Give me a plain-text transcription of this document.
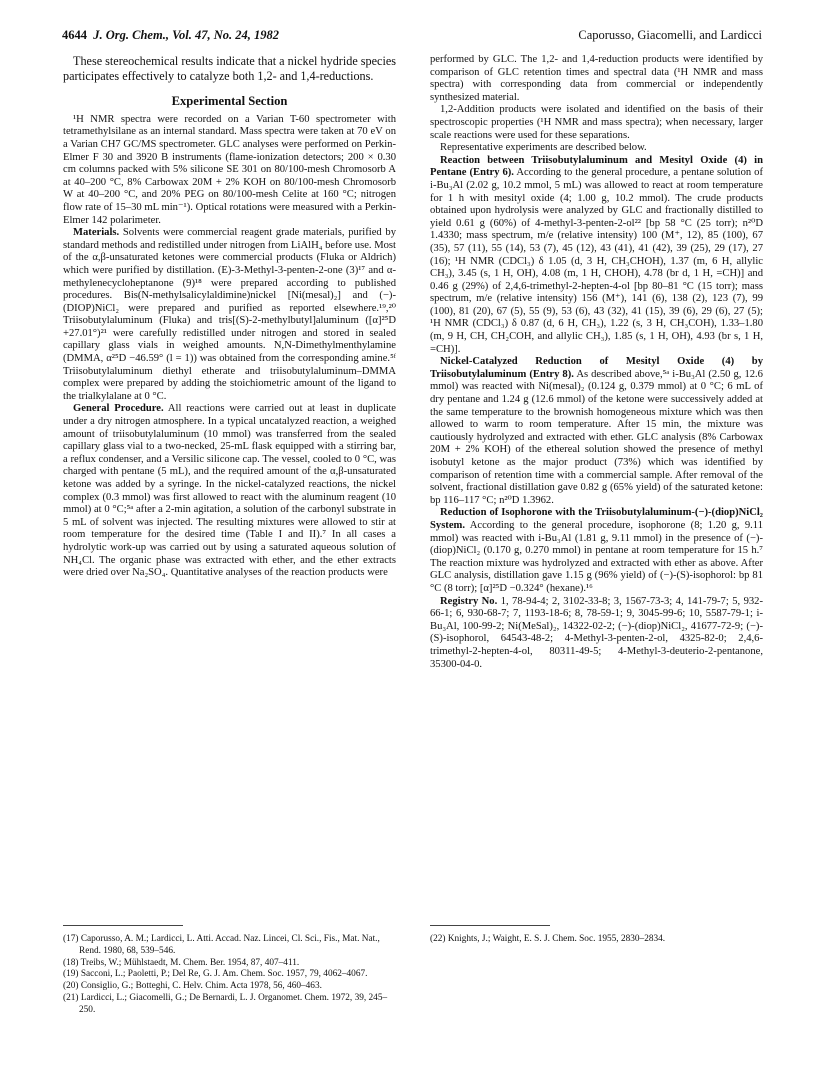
4644 J. Org. Chem., Vol. 47, No. 24, 1982	Caporusso, Giacomelli, and Lardicci

These stereochemical results indicate that a nickel hydride species participates effectively to catalyze both 1,2- and 1,4-reductions.

Experimental Section

¹H NMR spectra were recorded on a Varian T-60 spectrometer with tetramethylsilane as an internal standard. Mass spectra were taken at 70 eV on a Varian CH7 GC/MS spectrometer. GLC analyses were performed on Perkin-Elmer F 30 and 3920 B instruments (flame-ionization detectors; 200 × 0.30 cm columns packed with 5% silicone SE 301 on 80/100-mesh Chromosorb A at 40–200 °C, 8% Carbowax 20M + 2% KOH on 80/100-mesh Chromosorb W at 40–200 °C, and 20% PEG on 80/100-mesh Celite at 160 °C; nitrogen flow rate of 15–30 mL min⁻¹). Optical rotations were measured with a Perkin-Elmer 142 polarimeter.

Materials. Solvents were commercial reagent grade materials, purified by standard methods and redistilled under nitrogen from LiAlH₄ before use. Most of the α,β-unsaturated ketones were commercial products (Fluka or Aldrich) which were purified by distillation. (E)-3-Methyl-3-penten-2-one (3)¹⁷ and α-methylenecycloheptanone (9)¹⁸ were prepared according to published procedures. Bis(N-methylsalicylaldimine)nickel [Ni(mesal)₂] and (−)-(DIOP)NiCl₂ were prepared and purified as reported elsewhere.¹⁹,²⁰ Triisobutylaluminum (Fluka) and tris[(S)-2-methylbutyl]aluminum ([α]²⁵D +27.01°)²¹ were carefully redistilled under nitrogen and stored in sealed capillary glass vials in weighed amounts. N,N-Dimethylmenthylamine (DMMA, α²⁵D −46.59° (l = 1)) was obtained from the corresponding amine.⁵ᶠ Triisobutylaluminum diethyl etherate and triisobutylaluminum–DMMA complex were prepared by adding the stoichiometric amount of the ligand to the trialkylalane at 0 °C.

General Procedure. All reactions were carried out at least in duplicate under a dry nitrogen atmosphere. In a typical uncatalyzed reaction, a weighed amount of triisobutylaluminum (10 mmol) was transferred from the sealed capillary glass vial to a two-necked, 25-mL flask equipped with a stirring bar, a reflux condenser, and a Versilic silicone cap. The vessel, cooled to 0 °C, was charged with pentane (5 mL), and the required amount of the α,β-unsaturated ketone was added by a syringe. In the nickel-catalyzed reactions, the nickel complex (0.3 mmol) was first allowed to react with the aluminum reagent (10 mmol) at 0 °C;⁵ᵃ after a 2-min agitation, a solution of the carbonyl substrate in 5 mL of solvent was injected. The resulting mixtures were allowed to stir at room temperature for the desired time (Table I and II).⁷ In all cases a hydrolytic work-up was carried out by using a saturated aqueous solution of NH₄Cl. The organic phase was extracted with ether, and the ether extracts were dried over Na₂SO₄. Quantitative analyses of the reaction products were

performed by GLC. The 1,2- and 1,4-reduction products were identified by comparison of GLC retention times and spectral data (¹H NMR and mass spectra) with corresponding data from commercial or independently synthesized material.

1,2-Addition products were isolated and identified on the basis of their spectroscopic properties (¹H NMR and mass spectra); when necessary, larger scale reactions were used for these separations.

Representative experiments are described below.

Reaction between Triisobutylaluminum and Mesityl Oxide (4) in Pentane (Entry 6). According to the general procedure, a pentane solution of i-Bu₃Al (2.02 g, 10.2 mmol, 5 mL) was allowed to react at room temperature for 1 h with mesityl oxide (4; 1.00 g, 10.2 mmol). The crude products obtained upon hydrolysis were analyzed by GLC and fractionally distilled to yield 0.61 g (60%) of 4-methyl-3-penten-2-ol²² [bp 58 °C (25 torr); n²⁰D 1.4330; mass spectrum, m/e (relative intensity) 100 (M⁺, 12), 85 (100), 67 (35), 57 (11), 55 (14), 53 (7), 45 (12), 43 (41), 41 (42), 39 (25), 29 (17), 27 (16); ¹H NMR (CDCl₃) δ 1.05 (d, 3 H, CH₃CHOH), 1.37 (m, 6 H, allylic CH₃), 3.45 (s, 1 H, OH), 4.08 (m, 1 H, CHOH), 4.78 (br d, 1 H, =CH)] and 0.46 g (29%) of 2,4,6-trimethyl-2-hepten-4-ol [bp 80–81 °C (15 torr); mass spectrum, m/e (relative intensity) 156 (M⁺), 141 (6), 138 (2), 123 (7), 99 (100), 81 (20), 67 (5), 55 (9), 53 (6), 43 (32), 41 (15), 39 (6), 29 (6), 27 (5); ¹H NMR (CDCl₃) δ 0.87 (d, 6 H, CH₃), 1.22 (s, 3 H, CH₃COH), 1.33–1.80 (m, 9 H, CH, CH₂COH, and allylic CH₃), 1.85 (s, 1 H, OH), 4.93 (br s, 1 H, =CH)].

Nickel-Catalyzed Reduction of Mesityl Oxide (4) by Triisobutylaluminum (Entry 8). As described above,⁵ᵃ i-Bu₃Al (2.50 g, 12.6 mmol) was reacted with Ni(mesal)₂ (0.124 g, 0.379 mmol) at 0 °C; 6 mL of dry pentane and 1.24 g (12.6 mmol) of the ketone were successively added at the same temperature to the brownish homogeneous mixture which was then allowed to warm to room temperature. After 15 min, the mixture was cautiously hydrolyzed and extracted with ether. GLC analysis (8% Carbowax 20M + 2% KOH) of the ethereal solution showed the presence of methyl isobutyl ketone as the major product (73%) which was identified by comparison of retention time with a commercial sample. After removal of the solvent, fractional distillation gave 0.82 g (65% yield) of the saturated ketone: bp 116–117 °C; n²⁰D 1.3962.

Reduction of Isophorone with the Triisobutylaluminum-(−)-(diop)NiCl₂ System. According to the general procedure, isophorone (8; 1.20 g, 9.11 mmol) was reacted with i-Bu₃Al (1.81 g, 9.11 mmol) in the presence of (−)-(diop)NiCl₂ (0.170 g, 0.270 mmol) in pentane at room temperature for 15 h.⁷ The reaction mixture was hydrolyzed and extracted with ether as above. After GLC analysis, distillation gave 1.15 g (96% yield) of (−)-(S)-isophorol: bp 81 °C (8 torr); [α]²⁵D −0.324° (hexane).¹⁶

Registry No. 1, 78-94-4; 2, 3102-33-8; 3, 1567-73-3; 4, 141-79-7; 5, 932-66-1; 6, 930-68-7; 7, 1193-18-6; 8, 78-59-1; 9, 3045-99-6; 10, 5587-79-1; i-Bu₃Al, 100-99-2; Ni(MeSal)₂, 14322-02-2; (−)-(diop)NiCl₂, 41677-72-9; (−)-(S)-isophorol, 64543-48-2; 4-Methyl-3-penten-2-ol, 4325-82-0; 2,4,6-trimethyl-2-hepten-4-ol, 80311-49-5; 4-Methyl-3-deuterio-2-pentanone, 35300-04-0.

(17) Caporusso, A. M.; Lardicci, L. Atti. Accad. Naz. Lincei, Cl. Sci., Fis., Mat. Nat., Rend. 1980, 68, 539–546.

(18) Treibs, W.; Mühlstaedt, M. Chem. Ber. 1954, 87, 407–411.

(19) Sacconi, L.; Paoletti, P.; Del Re, G. J. Am. Chem. Soc. 1957, 79, 4062–4067.

(20) Consiglio, G.; Botteghi, C. Helv. Chim. Acta 1978, 56, 460–463.

(21) Lardicci, L.; Giacomelli, G.; De Bernardi, L. J. Organomet. Chem. 1972, 39, 245–250.

(22) Knights, J.; Waight, E. S. J. Chem. Soc. 1955, 2830–2834.
